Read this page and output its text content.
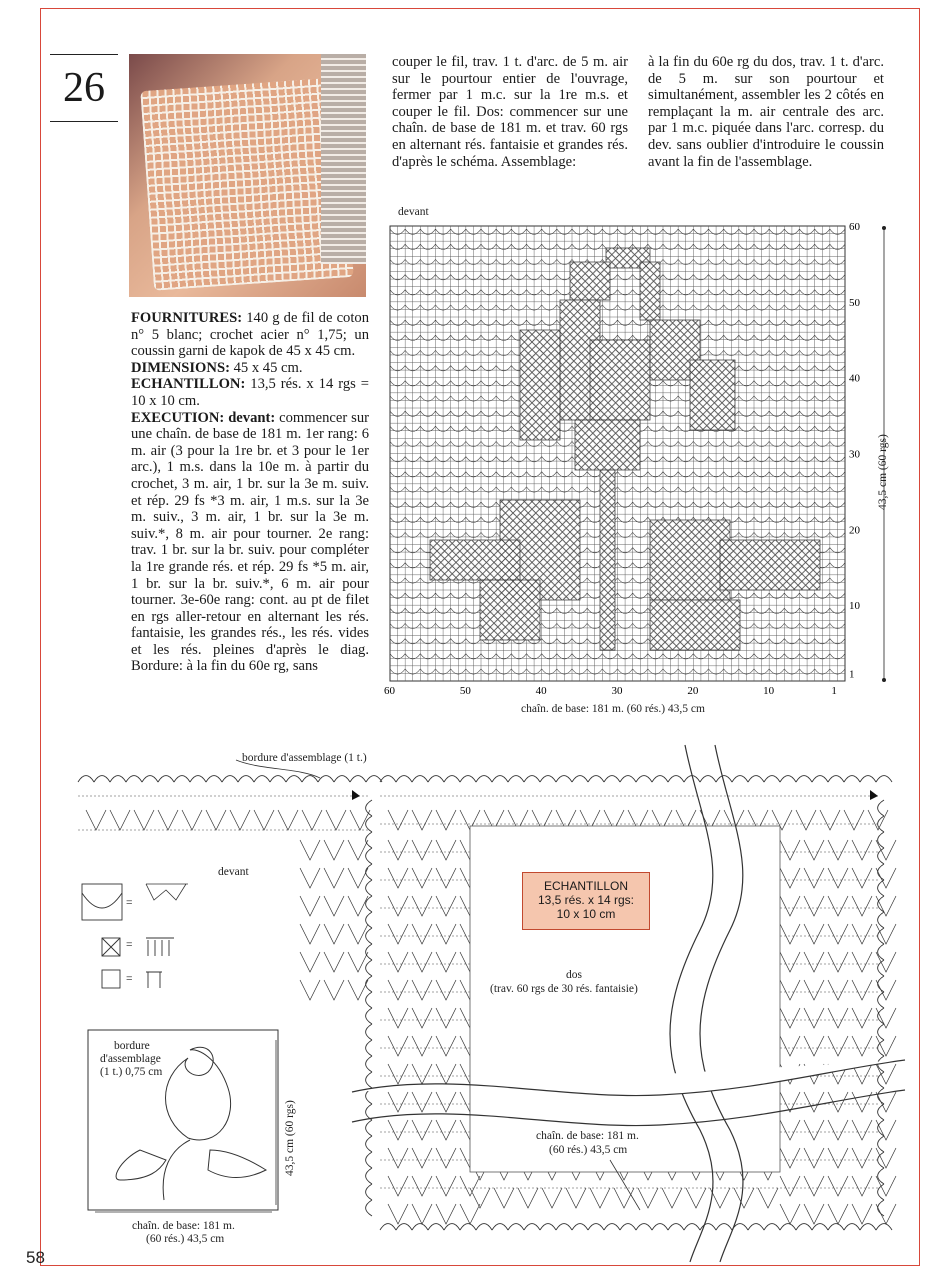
58
26
FOURNITURES: 140 g de fil de coton n° 5 blanc; crochet acier n° 1,75; un coussin garni de kapok de 45 x 45 cm.
DIMENSIONS: 45 x 45 cm.
ECHANTILLON: 13,5 rés. x 14 rgs = 10 x 10 cm.
EXECUTION: devant: commencer sur une chaîn. de base de 181 m. 1er rang: 6 m. air (3 pour la 1re br. et 3 pour le 1er arc.), 1 m.s. dans la 10e m. à partir du crochet, 3 m. air, 1 br. sur la 3e m. suiv. et rép. 29 fs *3 m. air, 1 m.s. sur la 3e m. suiv., 3 m. air, 1 br. sur la 3e m. suiv.*, 8 m. air pour tourner. 2e rang: trav. 1 br. sur la br. suiv. pour compléter la 1re grande rés. et rép. 29 fs *5 m. air, 1 br. sur la br. suiv.*, 6 m. air pour tourner. 3e-60e rang: cont. au pt de filet en rgs aller-retour en alternant les rés. fantaisie, les grandes rés., les rés. vides et les rés. pleines d'après le diag. Bordure: à la fin du 60e rg, sans
couper le fil, trav. 1 t. d'arc. de 5 m. air sur le pourtour entier de l'ouvrage, fermer par 1 m.c. sur la 1re m.s. et couper le fil. Dos: commencer sur une chaîn. de base de 181 m. et trav. 60 rgs en alternant rés. fantaisie et grandes rés. d'après le schéma. Assemblage:
à la fin du 60e rg du dos, trav. 1 t. d'arc. de 5 m. sur son pourtour et simultanément, assembler les 2 côtés en remplaçant la m. air centrale des arc. par 1 m.c. piquée dans l'arc. corresp. du dev. sans oublier d'introduire le coussin avant la fin de l'assemblage.
60
50
40
30
20
10
1
60	50	40	30	20	10	1
devant
43,5 cm (60 rgs)
chaîn. de base: 181 m. (60 rés.) 43,5 cm
bordure d'assemblage (1 t.)
devant
ECHANTILLON
13,5 rés. x 14 rgs:
10 x 10 cm
dos
(trav. 60 rgs de 30 rés. fantaisie)
chaîn. de base: 181 m.
(60 rés.) 43,5 cm
=
=
=
bordure
d'assemblage
(1 t.) 0,75 cm
43,5 cm (60 rgs)
chaîn. de base: 181 m.
(60 rés.) 43,5 cm
